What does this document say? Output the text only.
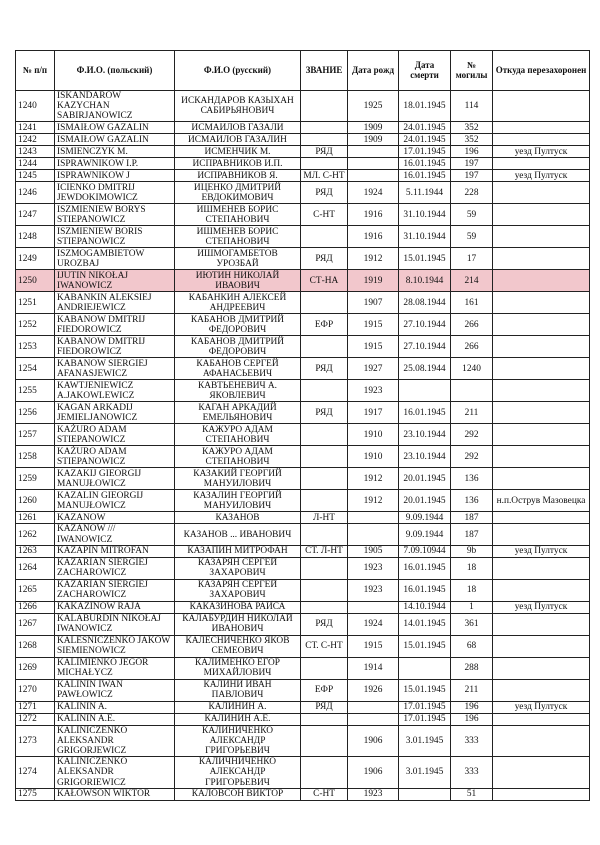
№ п/п	Ф.И.О. (польский)	Ф.И.О (русский)	ЗВАНИЕ	Дата рожд	Дата смерти	№ могилы	Откуда перезахоронен
1240	ISKANDAROW KAZYCHAN SABIRJANOWICZ	ИСКАНДАРОВ КАЗЫХАН САБИРЬЯНОВИЧ		1925	18.01.1945	114	
1241	ISMAIŁOW GAZALIN	ИСМАИЛОВ ГАЗАЛИ		1909	24.01.1945	352	
1242	ISMAIŁOW GAZALIN	ИСМАИЛОВ ГАЗАЛИН		1909	24.01.1945	352	
1243	ISMIENCZYK M.	ИСМЕНЧИК М.	РЯД		17.01.1945	196	уезд Пултуск
1244	ISPRAWNIKOW I.P.	ИСПРАВНИКОВ И.П.			16.01.1945	197	
1245	ISPRAWNIKOW J	ИСПРАВНИКОВ Я.	МЛ. С-НТ		16.01.1945	197	уезд Пултуск
1246	ICIENKO DMITRIJ JEWDOKIMOWICZ	ИЦЕНКО ДМИТРИЙ ЕВДОКИМОВИЧ	РЯД	1924	5.11.1944	228	
1247	ISZMIENIEW BORYS STIEPANOWICZ	ИШМЕНЕВ БОРИС СТЕПАНОВИЧ	С-НТ	1916	31.10.1944	59	
1248	ISZMIENIEW BORIS STIEPANOWICZ	ИШМЕНЕВ БОРИС СТЕПАНОВИЧ		1916	31.10.1944	59	
1249	ISZMOGAMBIETOW UROZBAJ	ИШМОГАМБЕТОВ УРОЗБАЙ	РЯД	1912	15.01.1945	17	
1250	IJUTIN NIKOŁAJ IWANOWICZ	ИЮТИН НИКОЛАЙ ИВАОВИЧ	СТ-НА	1919	8.10.1944	214	
1251	KABANKIN ALEKSIEJ ANDRIEJEWICZ	КАБАНКИН АЛЕКСЕЙ АНДРЕЕВИЧ		1907	28.08.1944	161	
1252	KABANOW DMITRIJ FIEDOROWICZ	КАБАНОВ ДМИТРИЙ ФЕДОРОВИЧ	ЕФР	1915	27.10.1944	266	
1253	KABANOW DMITRIJ FIEDOROWICZ	КАБАНОВ ДМИТРИЙ ФЕДОРОВИЧ		1915	27.10.1944	266	
1254	KABANOW SIERGIEJ AFANASJEWICZ	КАБАНОВ СЕРГЕЙ АФАНАСЬЕВИЧ	РЯД	1927	25.08.1944	1240	
1255	KAWTJENIEWICZ A.JAKOWLEWICZ	КАВТЬЕНЕВИЧ А. ЯКОВЛЕВИЧ		1923			
1256	KAGAN ARKADIJ JEMIELJANOWICZ	КАГАН АРКАДИЙ ЕМЕЛЬЯНОВИЧ	РЯД	1917	16.01.1945	211	
1257	KAŻURO ADAM STIEPANOWICZ	КАЖУРО АДАМ СТЕПАНОВИЧ		1910	23.10.1944	292	
1258	KAŻURO ADAM STIEPANOWICZ	КАЖУРО АДАМ СТЕПАНОВИЧ		1910	23.10.1944	292	
1259	KAZAKIJ GIEORGIJ MANUJŁOWICZ	КАЗАКИЙ ГЕОРГИЙ МАНУИЛОВИЧ		1912	20.01.1945	136	
1260	KAZALIN GIEORGIJ MANUJŁOWICZ	КАЗАЛИН ГЕОРГИЙ МАНУИЛОВИЧ		1912	20.01.1945	136	н.п.Острув Мазовецка
1261	KAZANOW	КАЗАНОВ	Л-НТ		9.09.1944	187	
1262	KAZANOW /// IWANOWICZ	КАЗАНОВ ... ИВАНОВИЧ			9.09.1944	187	
1263	KAZAPIN MITROFAN	КАЗАПИН МИТРОФАН	СТ. Л-НТ	1905	7.09.10944	9b	уезд Пултуск
1264	KAZARIAN SIERGIEJ ZACHAROWICZ	КАЗАРЯН СЕРГЕЙ ЗАХАРОВИЧ		1923	16.01.1945	18	
1265	KAZARIAN SIERGIEJ ZACHAROWICZ	КАЗАРЯН СЕРГЕЙ ЗАХАРОВИЧ		1923	16.01.1945	18	
1266	KAKAZINOW RAJA	КАКАЗИНОВА РАИСА			14.10.1944	1	уезд Пултуск
1267	KALABURDIN NIKOŁAJ IWANOWICZ	КАЛАБУРДИН НИКОЛАЙ ИВАНОВИЧ	РЯД	1924	14.01.1945	361	
1268	KALESNICZENKO JAKOW SIEMIENOWICZ	КАЛЕСНИЧЕНКО ЯКОВ СЕМЕОВИЧ	СТ. С-НТ	1915	15.01.1945	68	
1269	KALIMIENKO JEGOR MICHAŁYCZ	КАЛИМЕНКО ЕГОР МИХАЙЛОВИЧ		1914		288	
1270	KALININ IWAN PAWŁOWICZ	КАЛИНИ ИВАН ПАВЛОВИЧ	ЕФР	1926	15.01.1945	211	
1271	KALININ A.	КАЛИНИН А.	РЯД		17.01.1945	196	уезд Пултуск
1272	KALININ A.E.	КАЛИНИН А.Е.			17.01.1945	196	
1273	KALINICZENKO ALEKSANDR GRIGORJEWICZ	КАЛИНИЧЕНКО АЛЕКСАНДР ГРИГОРЬЕВИЧ		1906	3.01.1945	333	
1274	KALINICZENKO ALEKSANDR GRIGORIEWICZ	КАЛИЧНИЧЕНКО АЛЕКСАНДР ГРИГОРЬЕВИЧ		1906	3.01.1945	333	
1275	KAŁOWSON WIKTOR	КАЛОВСОН ВИКТОР	С-НТ	1923		51	
